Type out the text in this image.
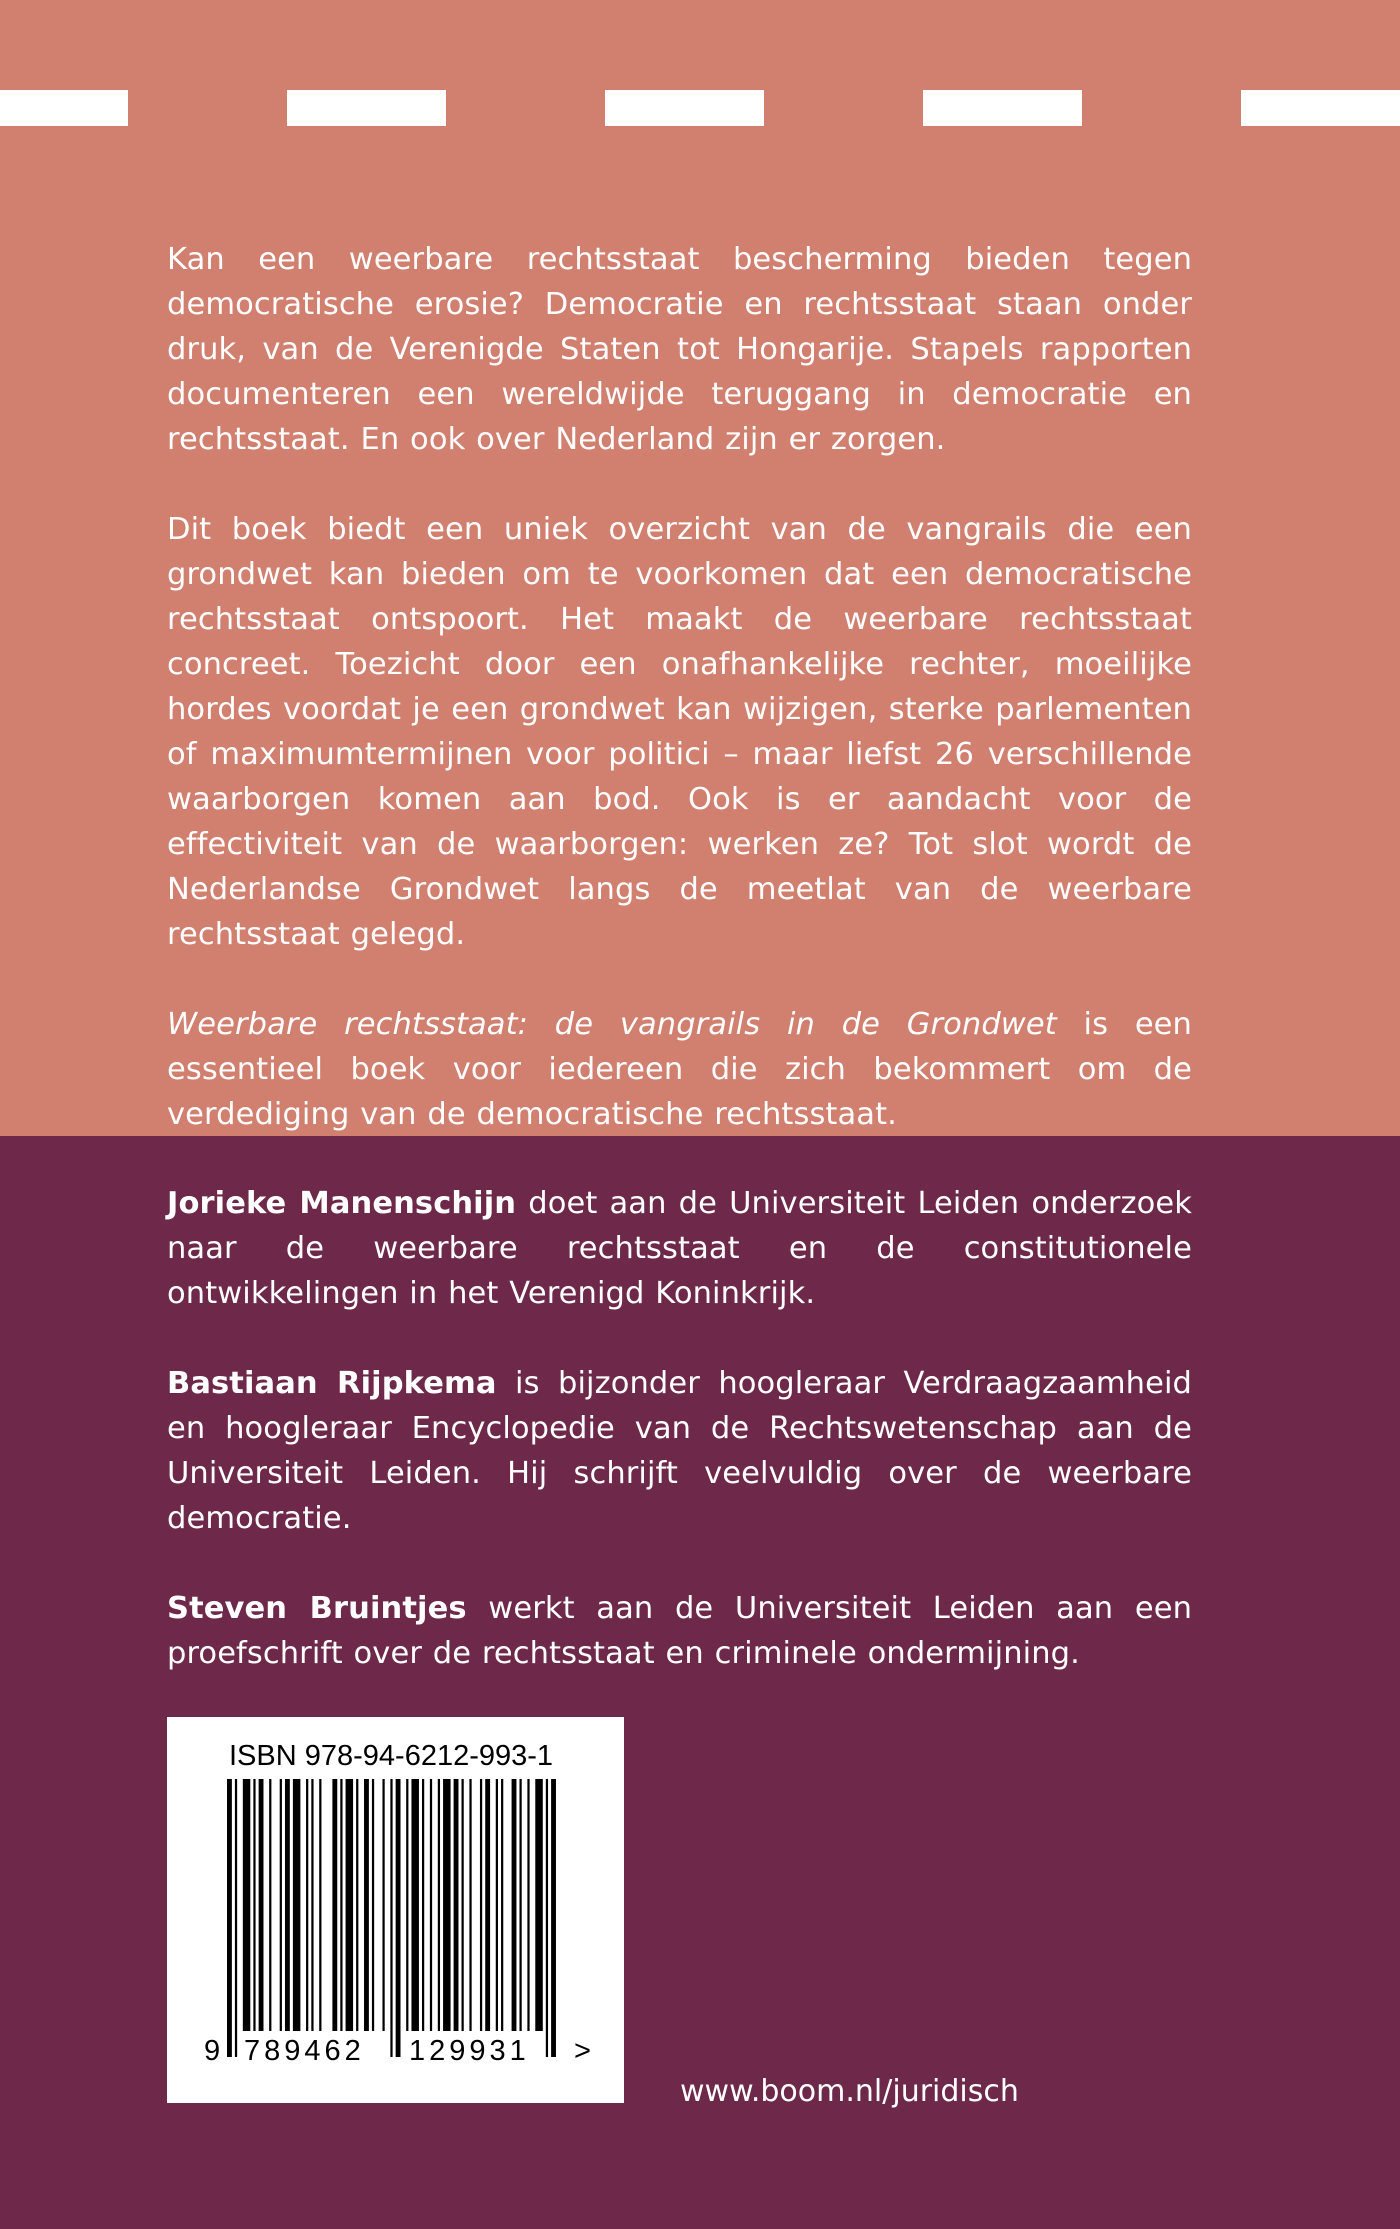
Kan een weerbare rechtsstaat bescherming bieden tegen democratische erosie? Democratie en rechtsstaat staan onder druk, van de Verenigde Staten tot Hongarije. Stapels rapporten documenteren een wereldwijde teruggang in democratie en rechtsstaat. En ook over Nederland zijn er zorgen.

Dit boek biedt een uniek overzicht van de vangrails die een grondwet kan bieden om te voorkomen dat een democratische rechtsstaat ontspoort. Het maakt de weerbare rechtsstaat concreet. Toezicht door een onafhankelijke rechter, moeilijke hordes voordat je een grondwet kan wijzigen, sterke parlementen of maximumtermijnen voor politici – maar liefst 26 verschillende waarborgen komen aan bod. Ook is er aandacht voor de effectiviteit van de waarborgen: werken ze? Tot slot wordt de Nederlandse Grondwet langs de meetlat van de weerbare rechtsstaat gelegd.

Weerbare rechtsstaat: de vangrails in de Grondwet is een essentieel boek voor iedereen die zich bekommert om de verdediging van de democratische rechtsstaat.

Jorieke Manenschijn doet aan de Universiteit Leiden onderzoek naar de weerbare rechtsstaat en de constitutionele ontwikkelingen in het Verenigd Koninkrijk.

Bastiaan Rijpkema is bijzonder hoogleraar Verdraagzaamheid en hoogleraar Encyclopedie van de Rechtswetenschap aan de Universiteit Leiden. Hij schrijft veelvuldig over de weerbare democratie.

Steven Bruintjes werkt aan de Universiteit Leiden aan een proefschrift over de rechtsstaat en criminele ondermijning.

ISBN 978-94-6212-993-1
9 789462 129931 >
www.boom.nl/juridisch
